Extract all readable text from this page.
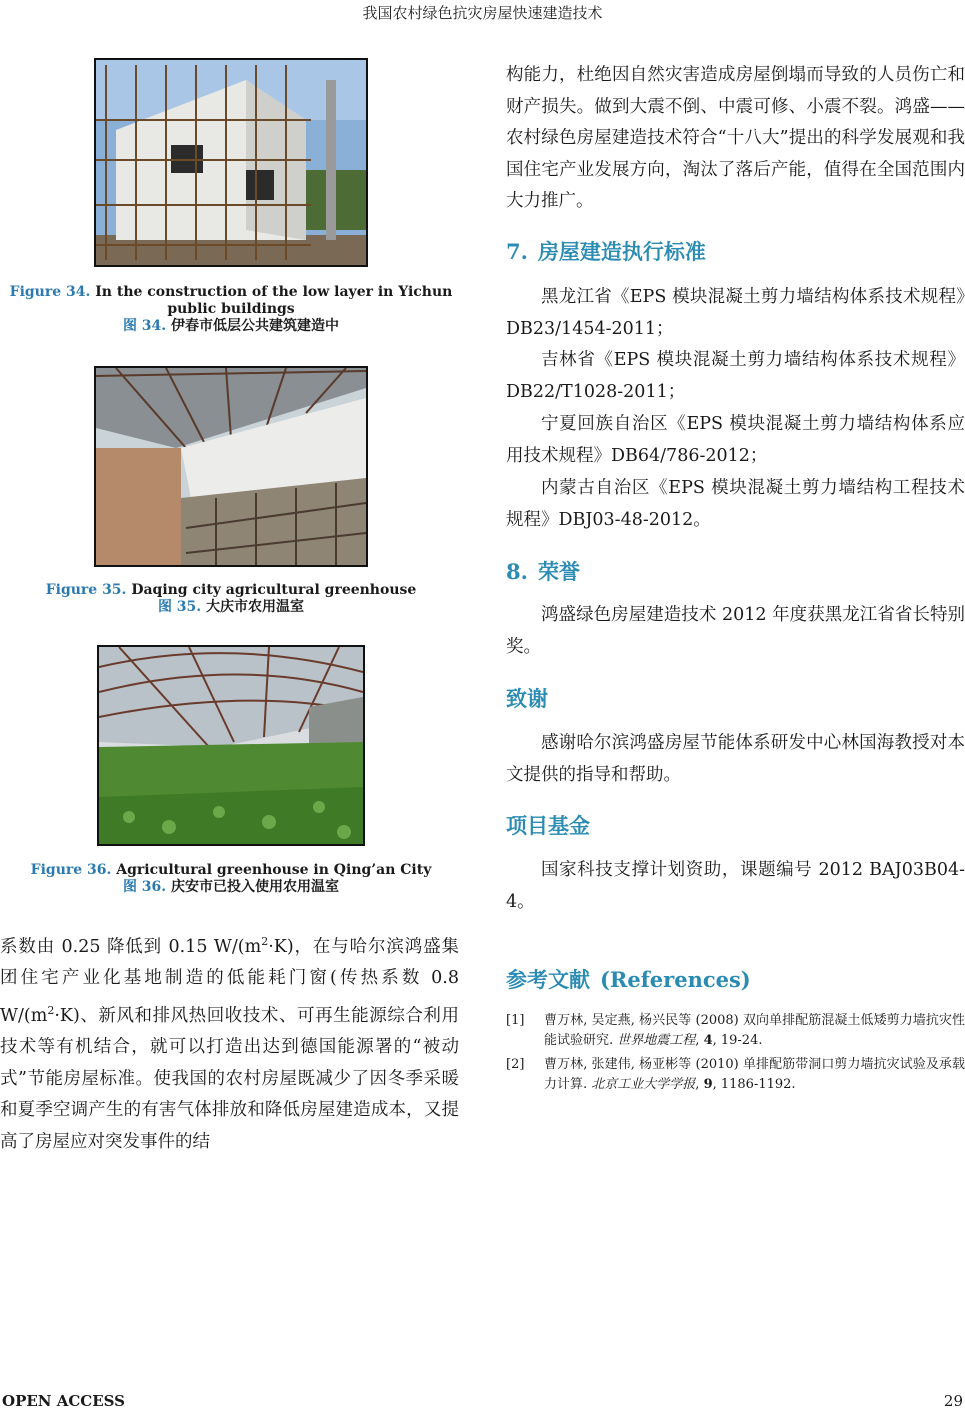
我国农村绿色抗灾房屋快速建造技术
Figure 34. In the construction of the low layer in Yichun public buildings
图 34. 伊春市低层公共建筑建造中
Figure 35. Daqing city agricultural greenhouse
图 35. 大庆市农用温室
Figure 36. Agricultural greenhouse in Qing’an City
图 36. 庆安市已投入使用农用温室

系数由 0.25 降低到 0.15 $W/(m^2\cdot K)$，在与哈尔滨鸿盛集团住宅产业化基地制造的低能耗门窗(传热系数 0.8 $W/(m^2\cdot K)$、新风和排风热回收技术、可再生能源综合利用技术等有机结合，就可以打造出达到德国能源署的“被动式”节能房屋标准。使我国的农村房屋既减少了因冬季采暖和夏季空调产生的有害气体排放和降低房屋建造成本，又提高了房屋应对突发事件的结

构能力，杜绝因自然灾害造成房屋倒塌而导致的人员伤亡和财产损失。做到大震不倒、中震可修、小震不裂。鸿盛——农村绿色房屋建造技术符合“十八大”提出的科学发展观和我国住宅产业发展方向，淘汰了落后产能，值得在全国范围内大力推广。

7. 房屋建造执行标准

黑龙江省《EPS 模块混凝土剪力墙结构体系技术规程》DB23/1454-2011；

吉林省《EPS 模块混凝土剪力墙结构体系技术规程》DB22/T1028-2011；

宁夏回族自治区《EPS 模块混凝土剪力墙结构体系应用技术规程》DB64/786-2012；

内蒙古自治区《EPS 模块混凝土剪力墙结构工程技术规程》DBJ03-48-2012。

8. 荣誉

鸿盛绿色房屋建造技术 2012 年度获黑龙江省省长特别奖。

致谢

感谢哈尔滨鸿盛房屋节能体系研发中心林国海教授对本文提供的指导和帮助。

项目基金

国家科技支撑计划资助，课题编号 2012 BAJ03B04-4。

参考文献 (References)
[1] 曹万林, 吴定燕, 杨兴民等 (2008) 双向单排配筋混凝土低矮剪力墙抗灾性能试验研究. 世界地震工程, 4, 19-24.
[2] 曹万林, 张建伟, 杨亚彬等 (2010) 单排配筋带洞口剪力墙抗灾试验及承载力计算. 北京工业大学学报, 9, 1186-1192.
OPEN ACCESS	29
